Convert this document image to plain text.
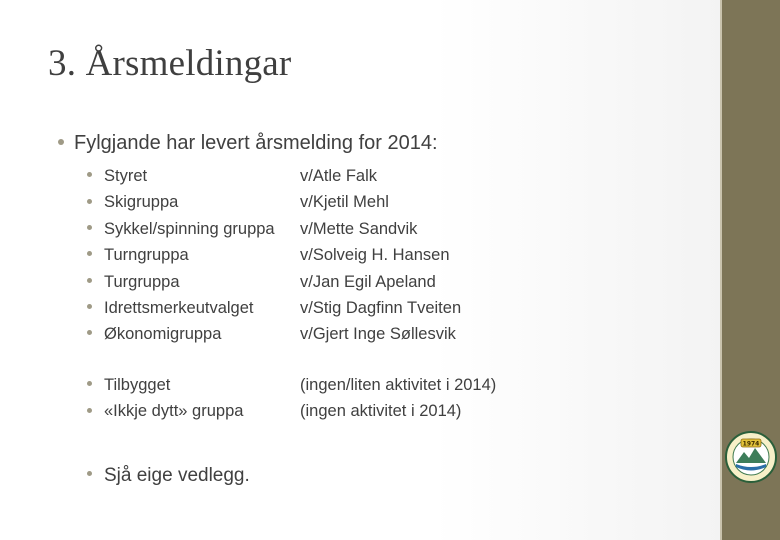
3. Årsmeldingar
Fylgjande har levert årsmelding for 2014:
Styret	v/Atle Falk
Skigruppa	v/Kjetil Mehl
Sykkel/spinning gruppa v/Mette Sandvik
Turngruppa	v/Solveig H. Hansen
Turgruppa	v/Jan Egil Apeland
Idrettsmerkeutvalget	v/Stig Dagfinn Tveiten
Økonomigruppa	v/Gjert Inge Søllesvik
Tilbygget	(ingen/liten aktivitet i 2014)
«Ikkje dytt» gruppa	(ingen aktivitet i 2014)
Sjå eige vedlegg.
1974
